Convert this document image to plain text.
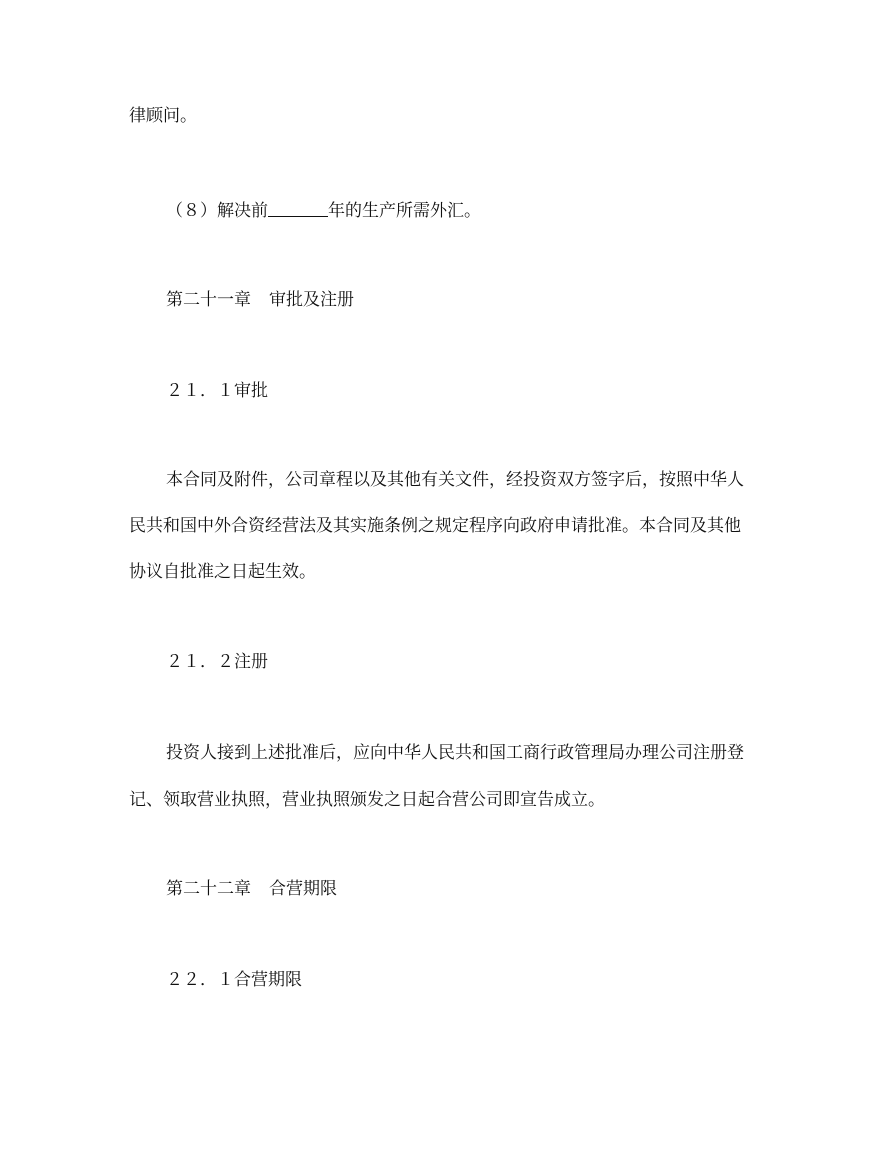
律顾问。
（８）解决前	年的生产所需外汇。
第二十一章 审批及注册
２１．１审批
本合同及附件，公司章程以及其他有关文件，经投资双方签字后，按照中华人
民共和国中外合资经营法及其实施条例之规定程序向政府申请批准。本合同及其他
协议自批准之日起生效。
２１．２注册
投资人接到上述批准后，应向中华人民共和国工商行政管理局办理公司注册登
记、领取营业执照，营业执照颁发之日起合营公司即宣告成立。
第二十二章 合营期限
２２．１合营期限
